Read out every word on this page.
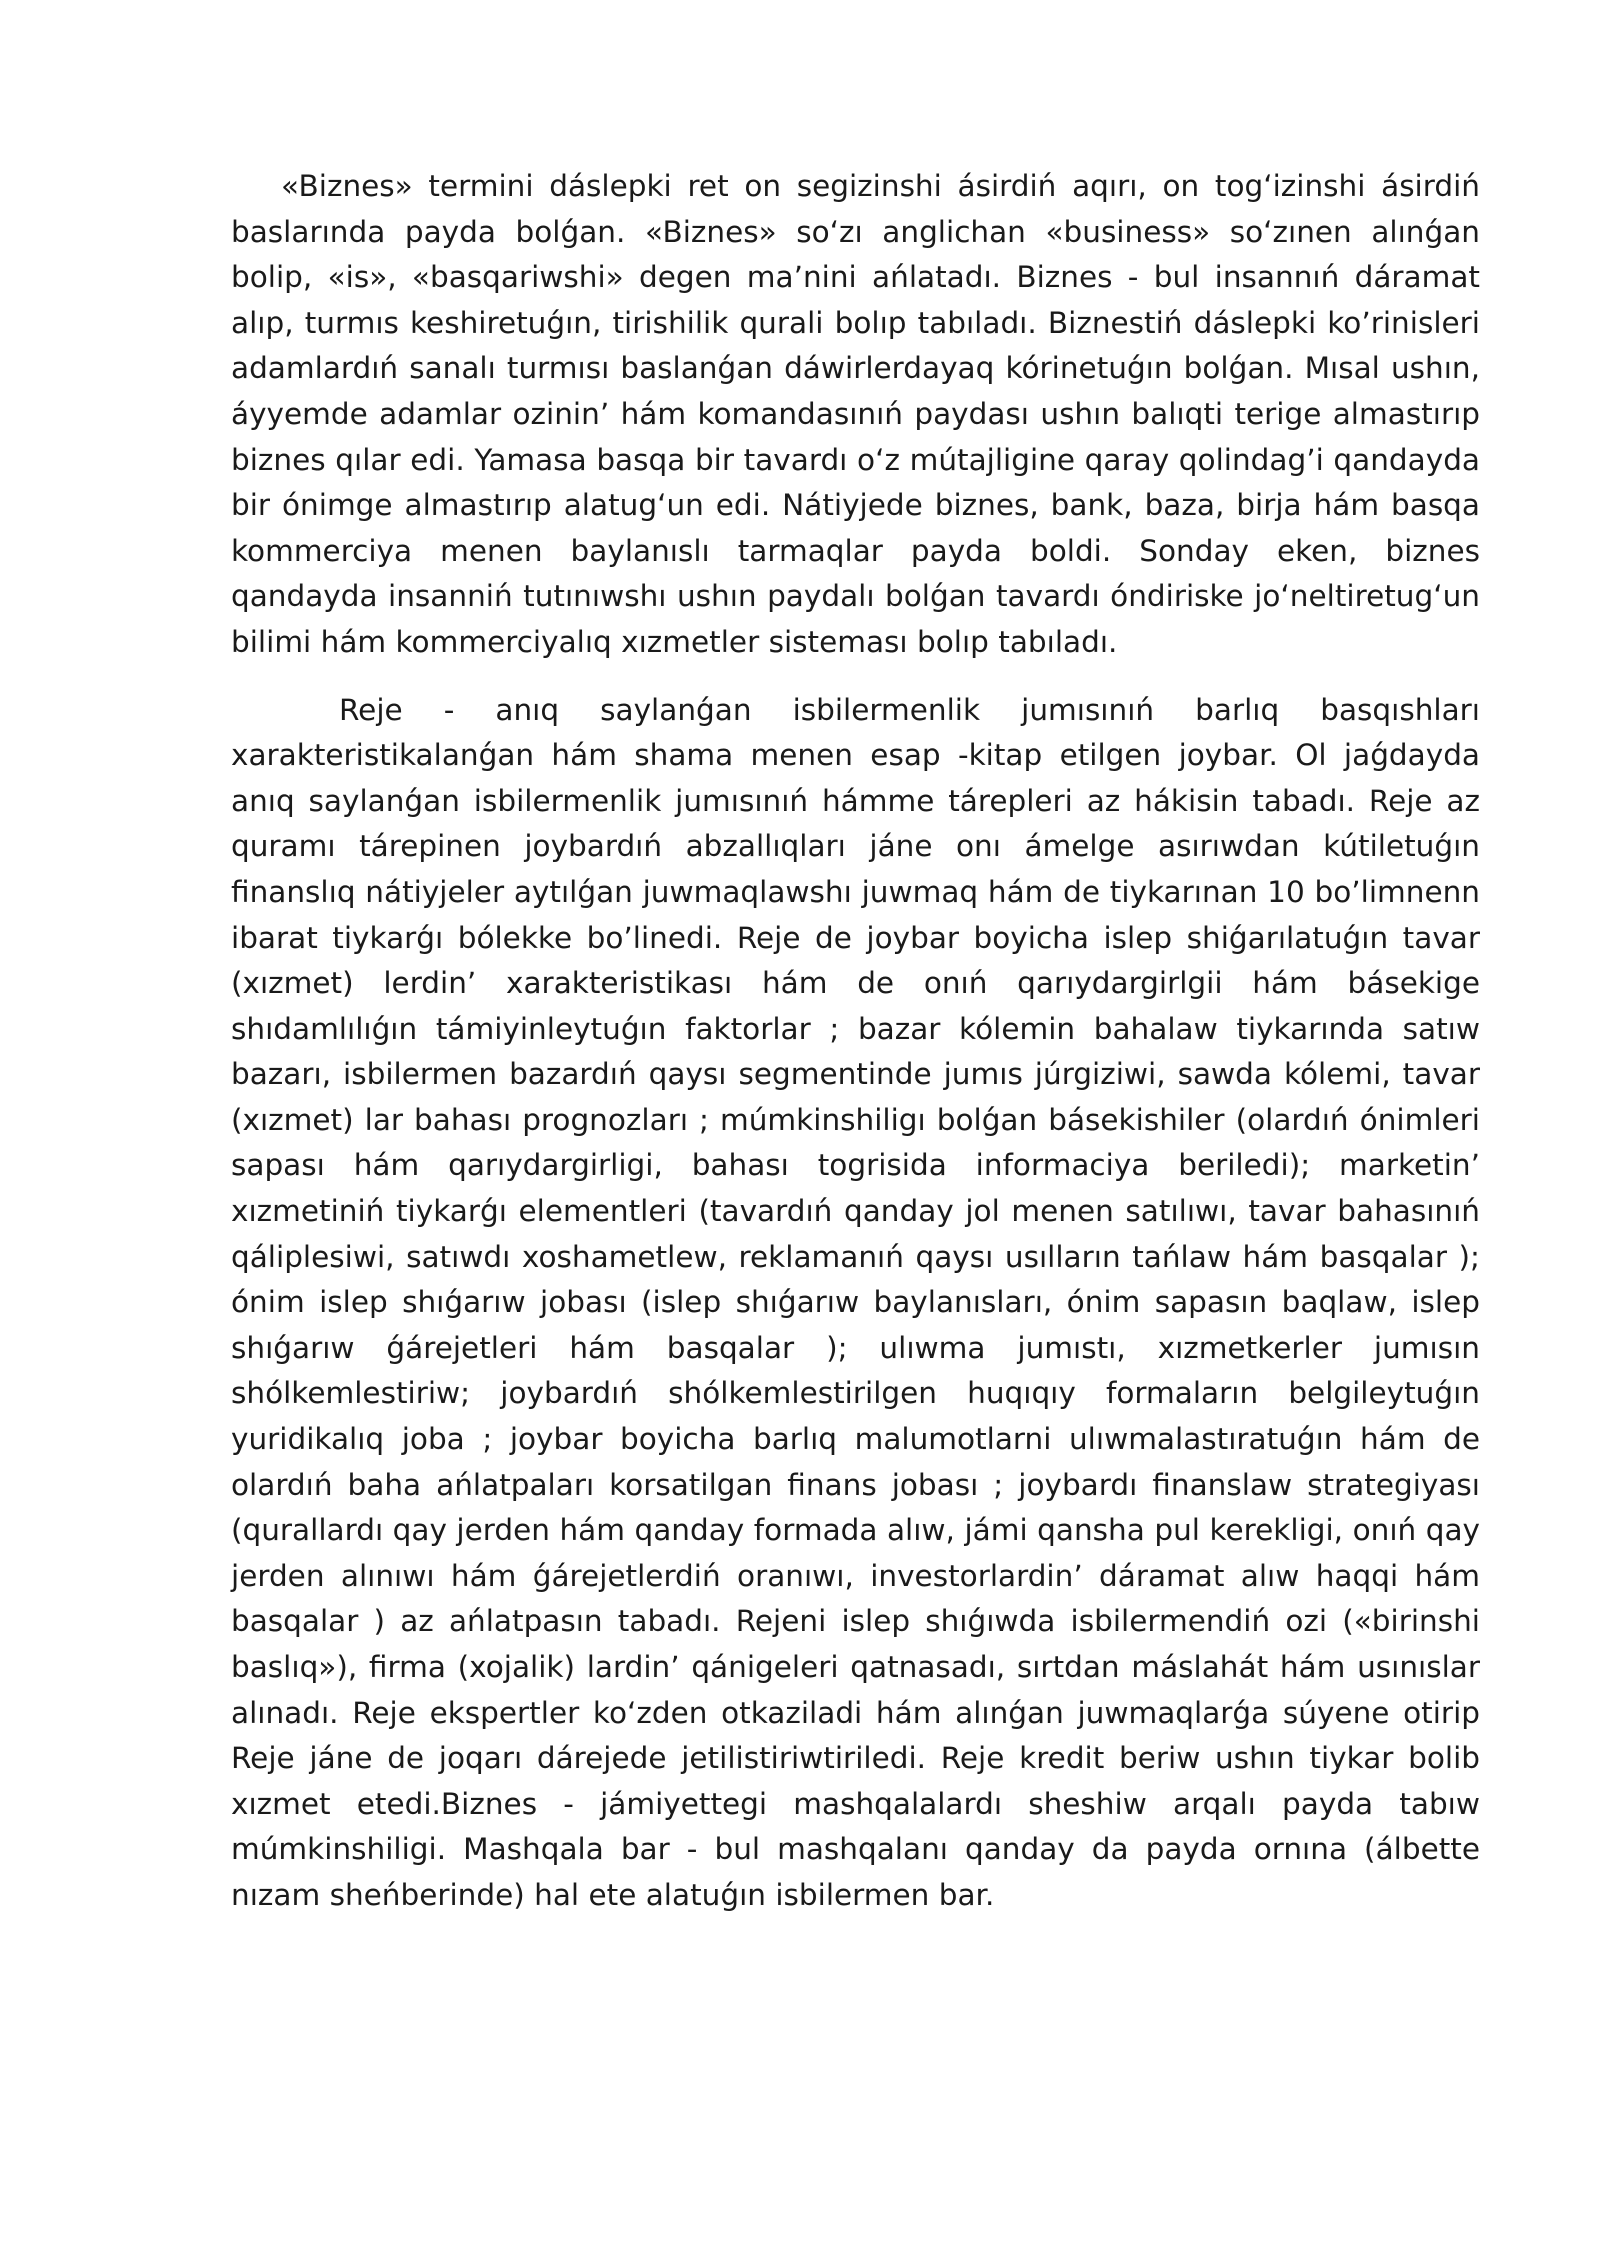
«Biznes» termini dáslepki ret on segizinshi ásirdiń aqırı, on tog‘izinshi ásirdiń baslarında payda bolǵan. «Biznes» so‘zı anglichan «business» so‘zınen alınǵan bolip, «is», «basqariwshi» degen ma’nini ańlatadı. Biznes - bul insannıń dáramat alıp, turmıs keshiretuǵın, tirishilik qurali bolıp tabıladı. Biznestiń dáslepki ko’rinisleri adamlardıń sanalı turmısı baslanǵan dáwirlerdayaq kórinetuǵın bolǵan. Mısal ushın, áyyemde adamlar ozinin’ hám komandasınıń paydası ushın balıqti terige almastırıp biznes qılar edi. Yamasa basqa bir tavardı o‘z mútajligine qaray qolindag’i qandayda bir ónimge almastırıp alatug‘un edi. Nátiyjede biznes, bank, baza, birja hám basqa kommerciya menen baylanıslı tarmaqlar payda boldi. Sonday eken, biznes qandayda insanniń tutınıwshı ushın paydalı bolǵan tavardı óndiriske jo‘neltiretug‘un bilimi hám kommerciyalıq xızmetler sisteması bolıp tabıladı.

Reje - anıq saylanǵan isbilermenlik jumısınıń barlıq basqıshları xarakteristikalanǵan hám shama menen esap -kitap etilgen joybar. Ol jaǵdayda anıq saylanǵan isbilermenlik jumısınıń hámme tárepleri az hákisin tabadı. Reje az quramı tárepinen joybardıń abzallıqları jáne onı ámelge asırıwdan kútiletuǵın finanslıq nátiyjeler aytılǵan juwmaqlawshı juwmaq hám de tiykarınan 10 bo’limnenn ibarat tiykarǵı bólekke bo’linedi. Reje de joybar boyicha islep shiǵarılatuǵın tavar (xızmet) lerdin’ xarakteristikası hám de onıń qarıydargirlgii hám básekige shıdamlılıǵın támiyinleytuǵın faktorlar ; bazar kólemin bahalaw tiykarında satıw bazarı, isbilermen bazardıń qaysı segmentinde jumıs júrgiziwi, sawda kólemi, tavar (xızmet) lar bahası prognozları ; múmkinshiligı bolǵan básekishiler (olardıń ónimleri sapası hám qarıydargirligi, bahası togrisida informaciya beriledi); marketin’ xızmetiniń tiykarǵı elementleri (tavardıń qanday jol menen satılıwı, tavar bahasınıń qáliplesiwi, satıwdı xoshametlew, reklamanıń qaysı usılların tańlaw hám basqalar ); ónim islep shıǵarıw jobası (islep shıǵarıw baylanısları, ónim sapasın baqlaw, islep shıǵarıw ǵárejetleri hám basqalar ); ulıwma jumıstı, xızmetkerler jumısın shólkemlestiriw; joybardıń shólkemlestirilgen huqıqıy formaların belgileytuǵın yuridikalıq joba ; joybar boyicha barlıq malumotlarni ulıwmalastıratuǵın hám de olardıń baha ańlatpaları korsatilgan finans jobası ; joybardı finanslaw strategiyası (qurallardı qay jerden hám qanday formada alıw, jámi qansha pul kerekligi, onıń qay jerden alınıwı hám ǵárejetlerdiń oranıwı, investorlardin’ dáramat alıw haqqi hám basqalar ) az ańlatpasın tabadı. Rejeni islep shıǵıwda isbilermendiń ozi («birinshi baslıq»), firma (xojalik) lardin’ qánigeleri qatnasadı, sırtdan máslahát hám usınıslar alınadı. Reje ekspertler ko‘zden otkaziladi hám alınǵan juwmaqlarǵa súyene otirip Reje jáne de joqarı dárejede jetilistiriwtiriledi. Reje kredit beriw ushın tiykar bolib xızmet etedi.Biznes - jámiyettegi mashqalalardı sheshiw arqalı payda tabıw múmkinshiligi. Mashqala bar - bul mashqalanı qanday da payda ornına (álbette nızam sheńberinde) hal ete alatuǵın isbilermen bar.
